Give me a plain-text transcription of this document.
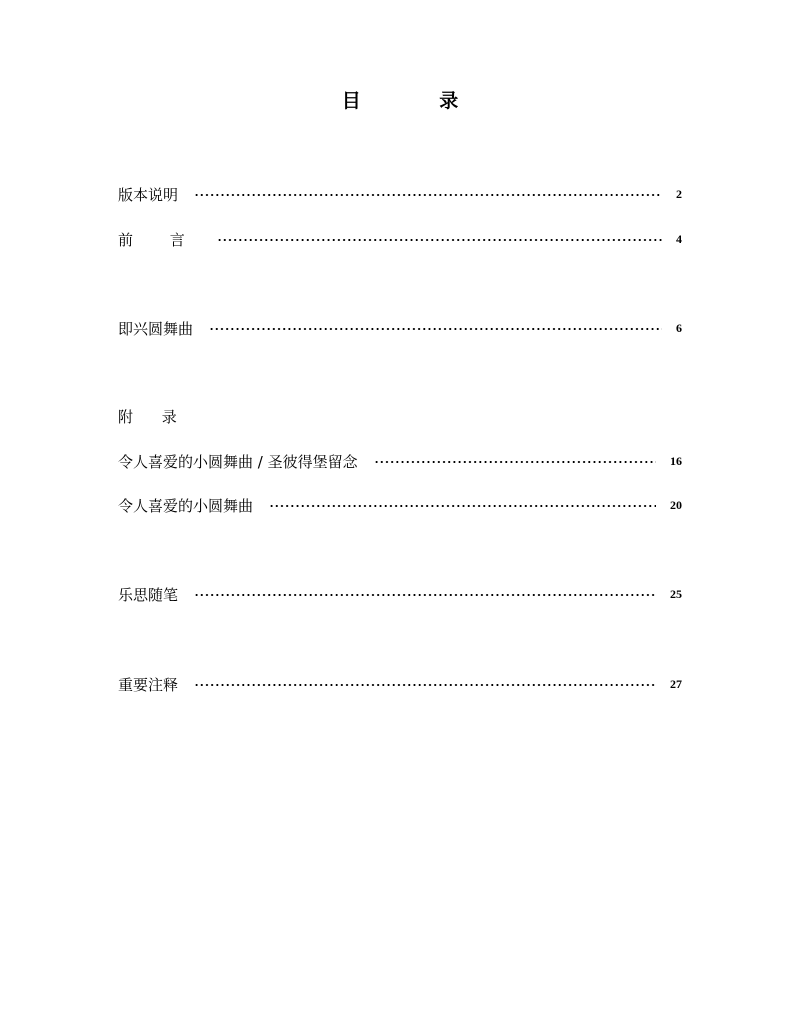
目 录
版本说明	2
前 言	4
即兴圆舞曲	6
附 录
令人喜爱的小圆舞曲 / 圣彼得堡留念	16
令人喜爱的小圆舞曲	20
乐思随笔	25
重要注释	27
